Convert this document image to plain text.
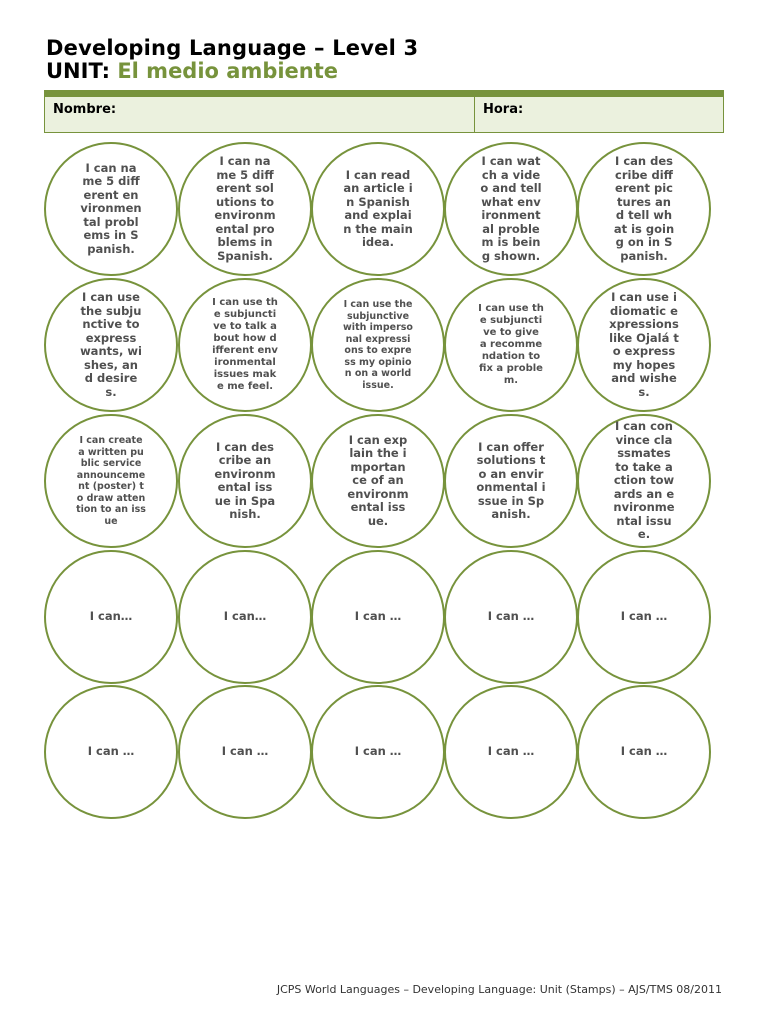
Developing Language – Level 3
UNIT: El medio ambiente
Nombre:	Hora:
I can name 5 different environmental problems in Spanish.
I can name 5 different solutions to environmental problems in Spanish.
I can read an article in Spanish and explain the main idea.
I can watch a video and tell what environmental problem is being shown.
I can describe different pictures and tell what is going on in Spanish.
I can use the subjunctive to express wants, wishes, and desires.
I can use the subjunctive to talk about how different environmental issues make me feel.
I can use the subjunctive with impersonal expressions to express my opinion on a world issue.
I can use the subjunctive to give a recommendation to fix a problem.
I can use idiomatic expressions like Ojalá to express my hopes and wishes.
I can create a written public service announcement (poster) to draw attention to an issue
I can describe an environmental issue in Spanish.
I can explain the importance of an environmental issue.
I can offer solutions to an environmental issue in Spanish.
I can convince classmates to take action towards an environmental issue.
I can…	I can…	I can …	I can …	I can …
I can …	I can …	I can …	I can …	I can …
JCPS World Languages – Developing Language: Unit (Stamps) – AJS/TMS 08/2011
